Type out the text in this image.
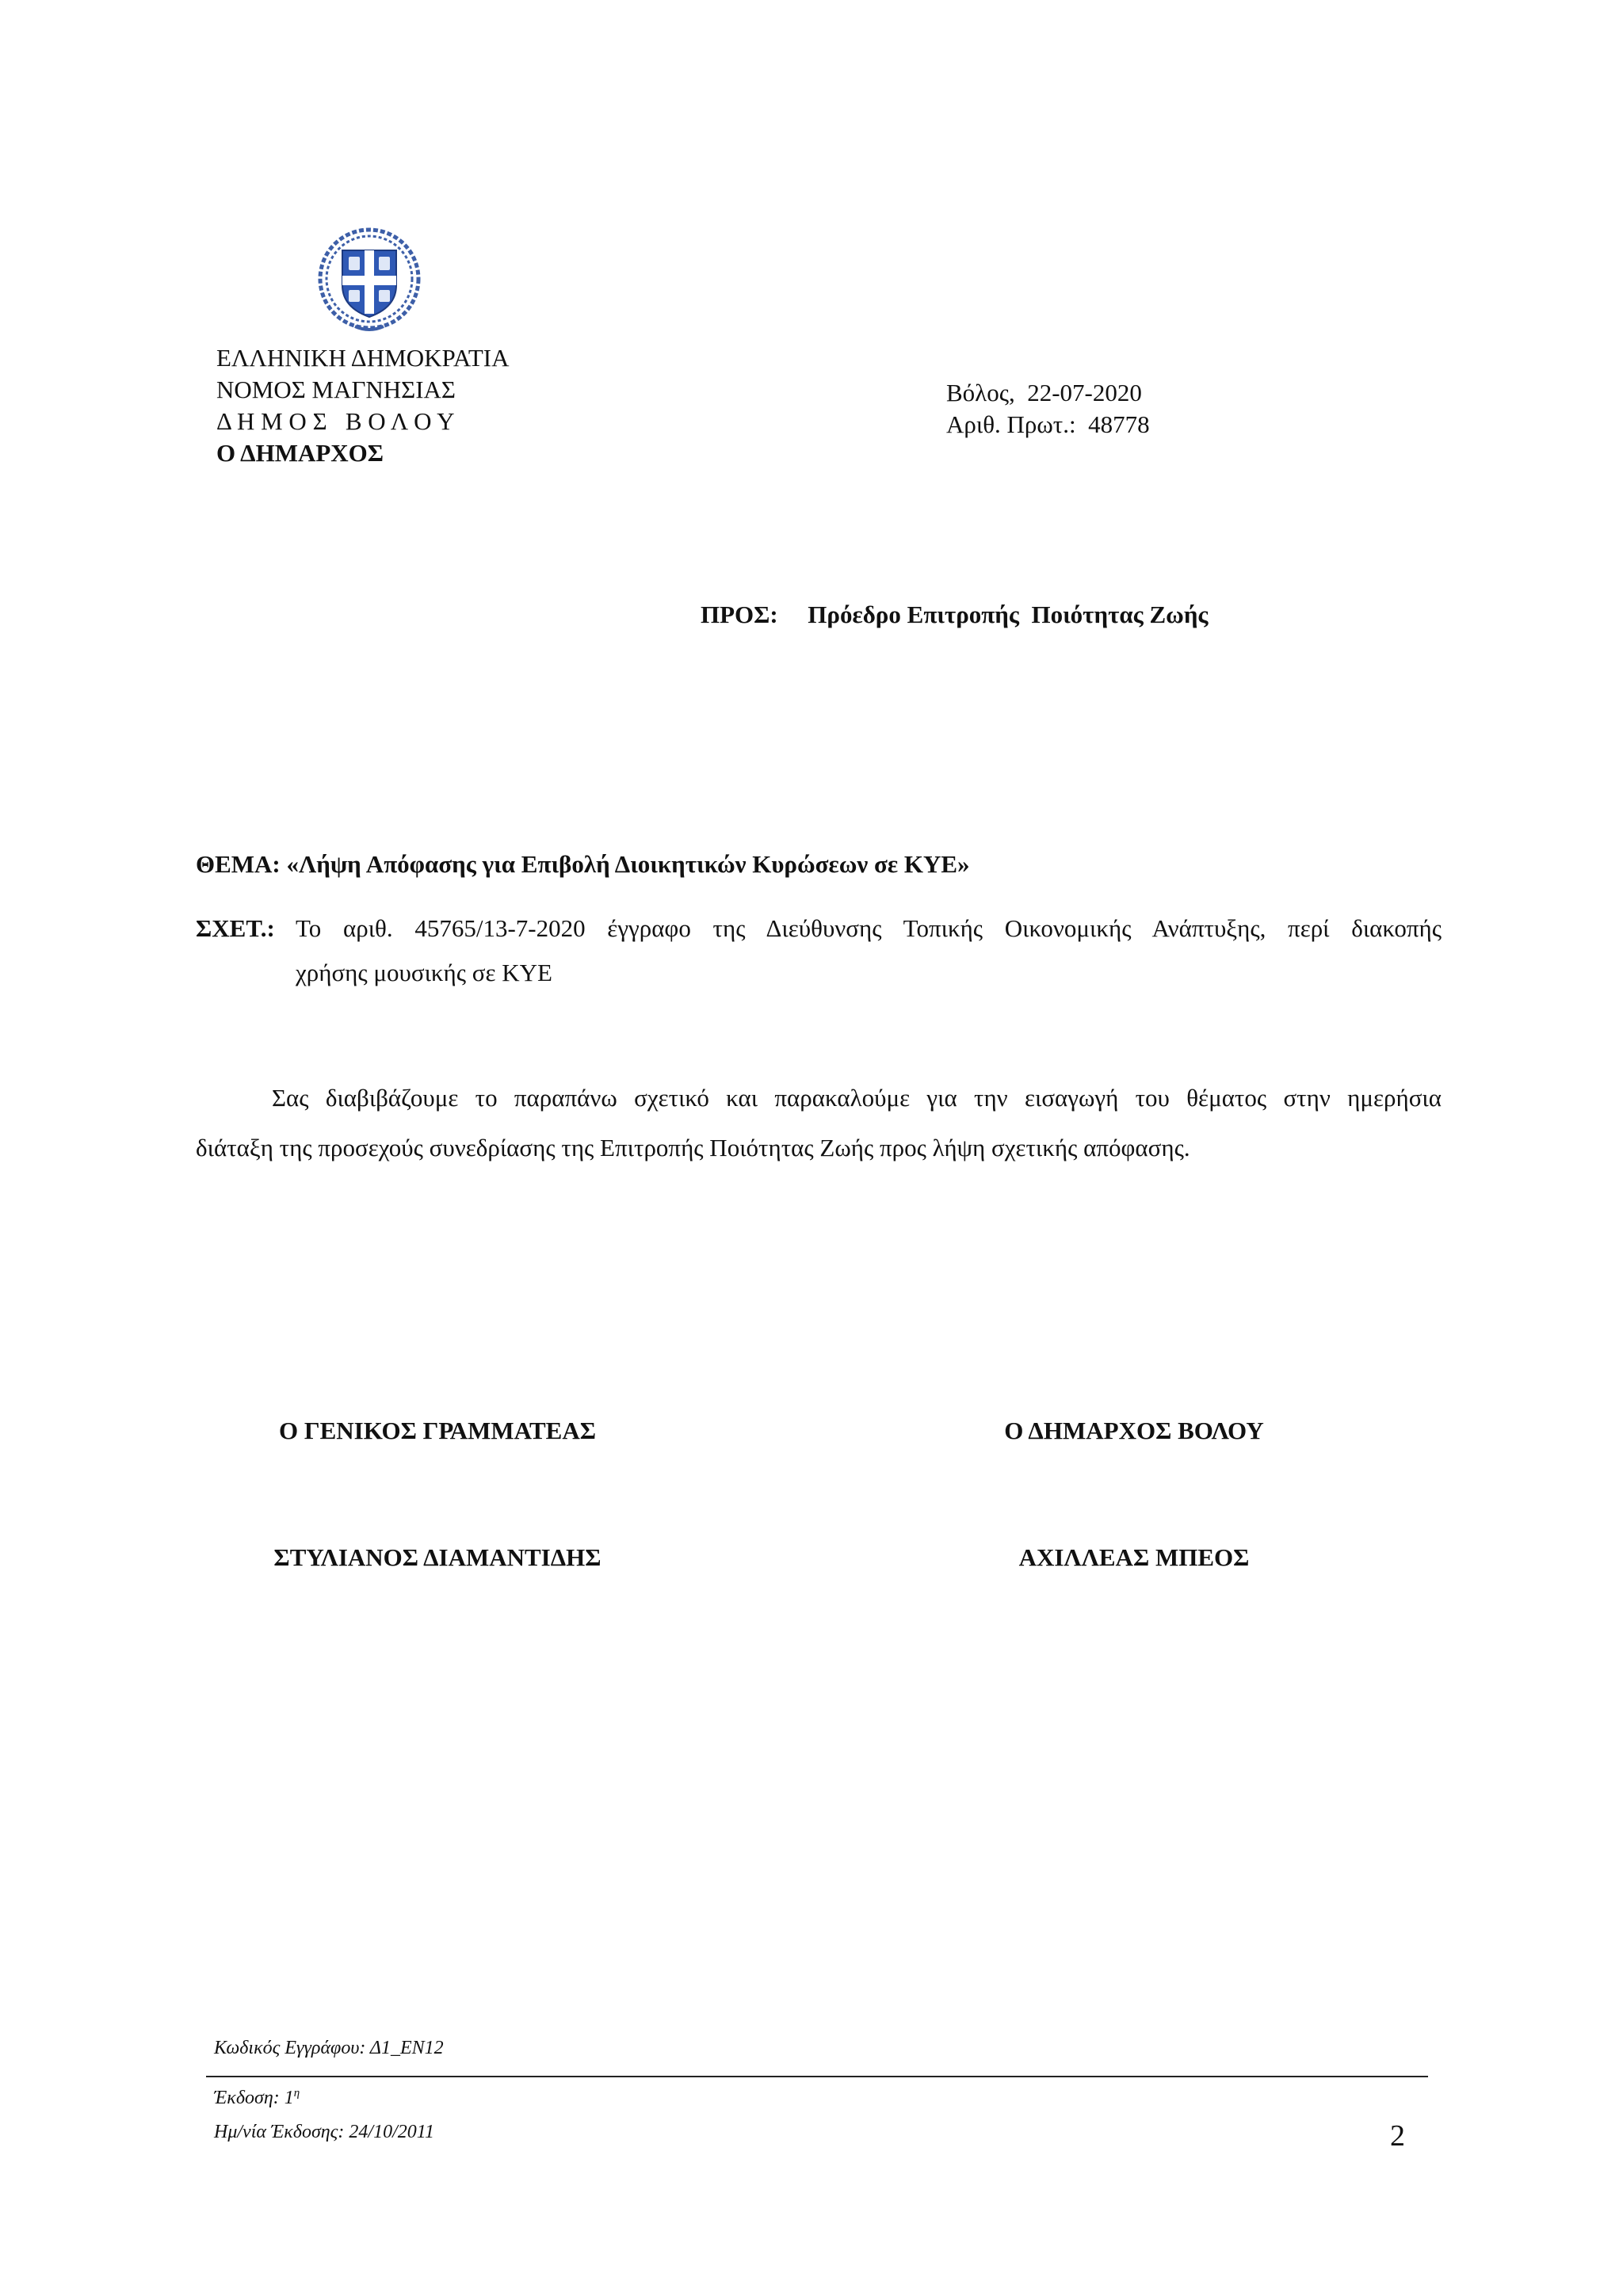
ΕΛΛΗΝΙΚΗ ΔΗΜΟΚΡΑΤΙΑ
ΝΟΜΟΣ ΜΑΓΝΗΣΙΑΣ
Δ Η Μ Ο Σ   Β Ο Λ Ο Υ
Ο ΔΗΜΑΡΧΟΣ
Βόλος,  22-07-2020
Αριθ. Πρωτ.:  48778
ΠΡΟΣ: Πρόεδρο Επιτροπής  Ποιότητας Ζωής
ΘΕΜΑ: «Λήψη Απόφασης για Επιβολή Διοικητικών Κυρώσεων σε ΚΥΕ»
ΣΧΕΤ.: Το αριθ. 45765/13-7-2020 έγγραφο της Διεύθυνσης Τοπικής Οικονομικής Ανάπτυξης, περί διακοπής
χρήσης μουσικής σε ΚΥΕ
Σας διαβιβάζουμε το παραπάνω σχετικό και παρακαλούμε για την εισαγωγή του θέματος στην ημερήσια
διάταξη της προσεχούς συνεδρίασης της Επιτροπής Ποιότητας Ζωής προς λήψη σχετικής απόφασης.
Ο ΓΕΝΙΚΟΣ ΓΡΑΜΜΑΤΕΑΣ
ΣΤΥΛΙΑΝΟΣ ΔΙΑΜΑΝΤΙΔΗΣ
Ο ΔΗΜΑΡΧΟΣ ΒΟΛΟΥ
ΑΧΙΛΛΕΑΣ ΜΠΕΟΣ
Κωδικός Εγγράφου: Δ1_ΕΝ12
Έκδοση: $1^\eta$
Ημ/νία Έκδοσης: 24/10/2011	2
